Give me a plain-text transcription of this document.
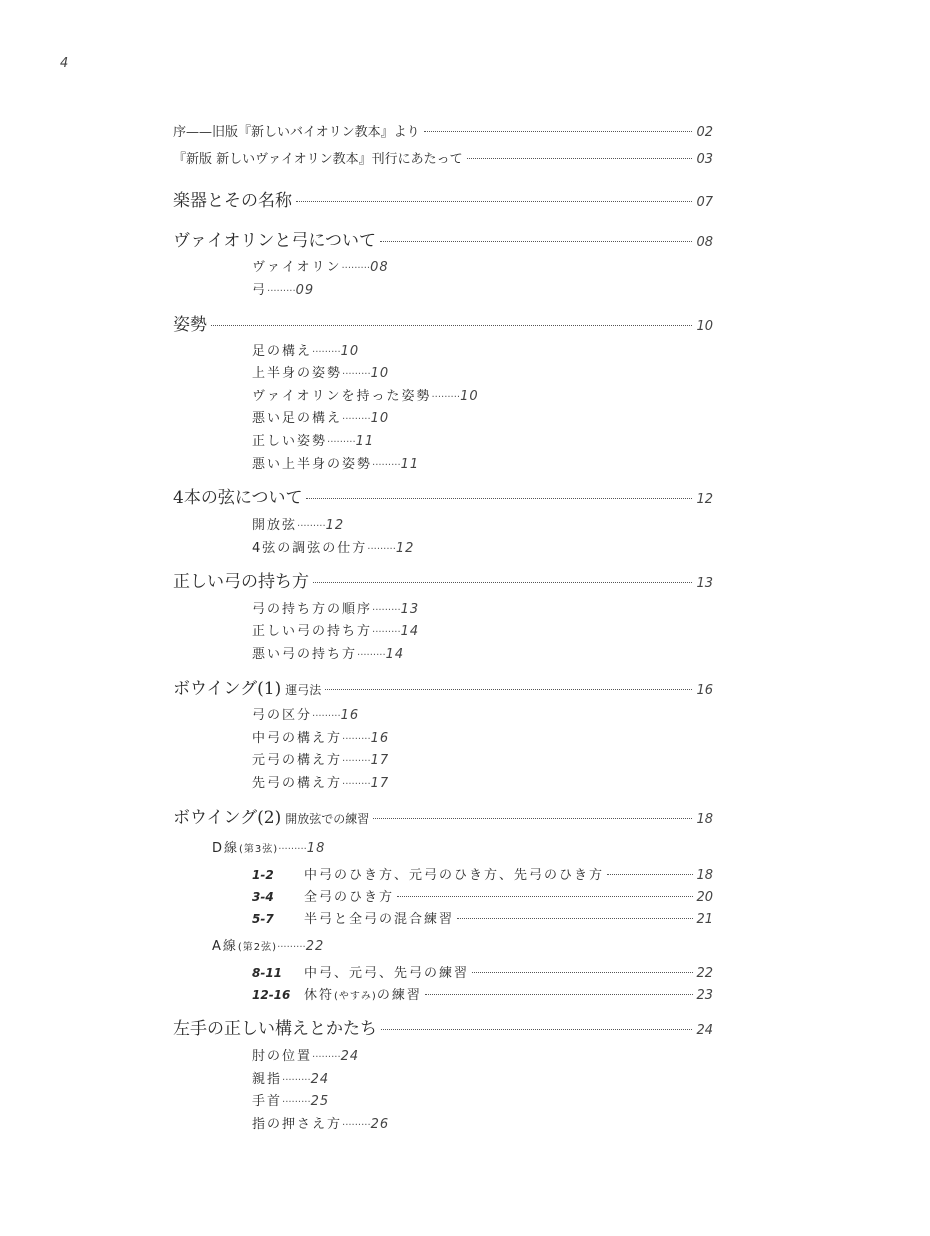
4
序——旧版『新しいバイオリン教本』より	02
『新版 新しいヴァイオリン教本』刊行にあたって	03
楽器とその名称	07
ヴァイオリンと弓について	08
ヴァイオリン·········08
弓·········09
姿勢	10
足の構え·········10
上半身の姿勢·········10
ヴァイオリンを持った姿勢·········10
悪い足の構え·········10
正しい姿勢·········11
悪い上半身の姿勢·········11
4本の弦について	12
開放弦·········12
4弦の調弦の仕方·········12
正しい弓の持ち方	13
弓の持ち方の順序·········13
正しい弓の持ち方·········14
悪い弓の持ち方·········14
ボウイング(1) 運弓法	16
弓の区分·········16
中弓の構え方·········16
元弓の構え方·········17
先弓の構え方·········17
ボウイング(2) 開放弦での練習	18
D線(第3弦)·········18
1-2	中弓のひき方、元弓のひき方、先弓のひき方	18
3-4	全弓のひき方	20
5-7	半弓と全弓の混合練習	21
A線(第2弦)·········22
8-11	中弓、元弓、先弓の練習	22
12-16	休符(やすみ)の練習	23
左手の正しい構えとかたち	24
肘の位置·········24
親指·········24
手首·········25
指の押さえ方·········26
